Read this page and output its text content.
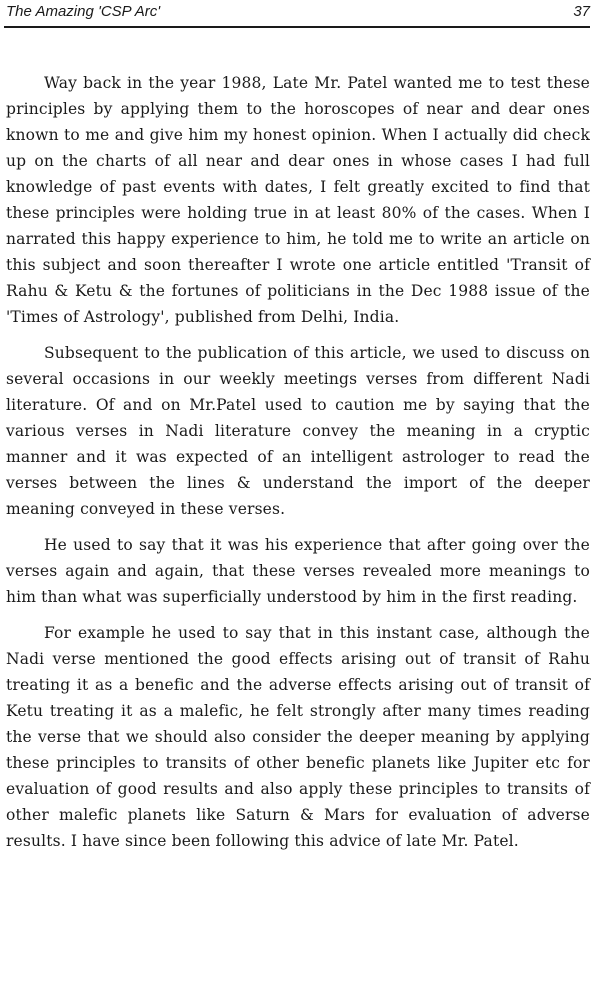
The Amazing 'CSP Arc'	37

Way back in the year 1988, Late Mr. Patel wanted me to test these principles by applying them to the horoscopes of near and dear ones known to me and give him my honest opinion. When I actually did check up on the charts of all near and dear ones in whose cases I had full knowledge of past events with dates, I felt greatly excited to find that these principles were holding true in at least 80% of the cases. When I narrated this happy experience to him, he told me to write an article on this subject and soon thereafter I wrote one article entitled 'Transit of Rahu & Ketu & the fortunes of politicians in the Dec 1988 issue of the 'Times of Astrology', published from Delhi, India.

Subsequent to the publication of this article, we used to discuss on several occasions in our weekly meetings verses from different Nadi literature. Of and on Mr.Patel used to caution me by saying that the various verses in Nadi literature convey the meaning in a cryptic manner and it was expected of an intelligent astrologer to read the verses between the lines & understand the import of the deeper meaning conveyed in these verses.

He used to say that it was his experience that after going over the verses again and again, that these verses revealed more meanings to him than what was superficially understood by him in the first reading.

For example he used to say that in this instant case, although the Nadi verse mentioned the good effects arising out of transit of Rahu treating it as a benefic and the adverse effects arising out of transit of Ketu treating it as a malefic, he felt strongly after many times reading the verse that we should also consider the deeper meaning by applying these principles to transits of other benefic planets like Jupiter etc for evaluation of good results and also apply these principles to transits of other malefic planets like Saturn & Mars for evaluation of adverse results. I have since been following this advice of late Mr. Patel.
